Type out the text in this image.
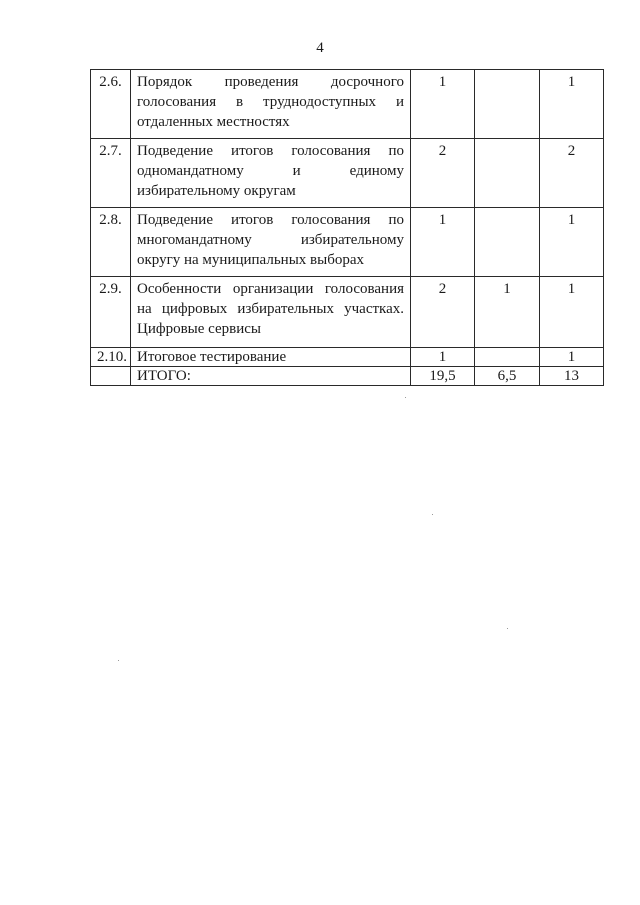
4
2.6.	Порядок проведения досрочного голосования в труднодоступных и отдаленных местностях	1		1
2.7.	Подведение итогов голосования по одномандатному и единому избирательному округам	2		2
2.8.	Подведение итогов голосования по многомандатному избирательному округу на муниципальных выборах	1		1
2.9.	Особенности организации голосования на цифровых избирательных участках. Цифровые сервисы	2	1	1
2.10.	Итоговое тестирование	1		1
	ИТОГО:	19,5	6,5	13
